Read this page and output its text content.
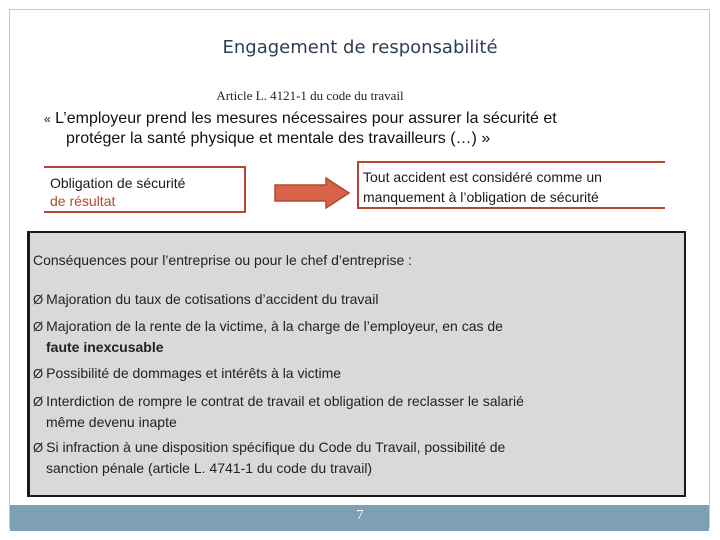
Engagement de responsabilité
Article L. 4121-1 du code du travail
« L’employeur prend les mesures nécessaires pour assurer la sécurité et
protéger la santé physique et mentale des travailleurs (…) »
Obligation de sécurité
de résultat
Tout accident est considéré comme un
manquement à l’obligation de sécurité
Conséquences pour l’entreprise ou pour le chef d’entreprise :
Ø Majoration du taux de cotisations d’accident du travail
Ø Majoration de la rente de la victime, à la charge de l’employeur, en cas de
faute inexcusable
Ø Possibilité de dommages et intérêts à la victime
Ø Interdiction de rompre le contrat de travail et obligation de reclasser le salarié
même devenu inapte
Ø Si infraction à une disposition spécifique du Code du Travail, possibilité de
sanction pénale (article L. 4741-1 du code du travail)
7
